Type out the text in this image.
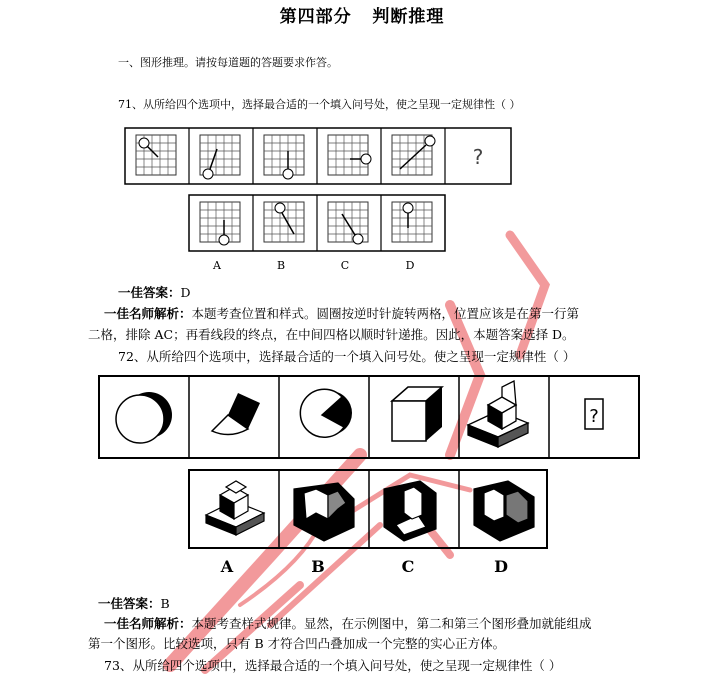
第四部分   判断推理
一、图形推理。请按每道题的答题要求作答。
71、从所给四个选项中，选择最合适的一个填入问号处，使之呈现一定规律性（ ）
?
A	B	C	D
一佳答案：D
一佳名师解析：本题考查位置和样式。圆圈按逆时针旋转两格，位置应该是在第一行第
二格，排除 AC；再看线段的终点，在中间四格以顺时针递推。因此，本题答案选择 D。
72、从所给四个选项中，选择最合适的一个填入问号处。使之呈现一定规律性（ ）
?
A	B	C	D
一佳答案：B
一佳名师解析：本题考查样式规律。显然，在示例图中，第二和第三个图形叠加就能组成
第一个图形。比较选项，只有 B 才符合凹凸叠加成一个完整的实心正方体。
73、从所给四个选项中，选择最合适的一个填入问号处，使之呈现一定规律性（ ）
